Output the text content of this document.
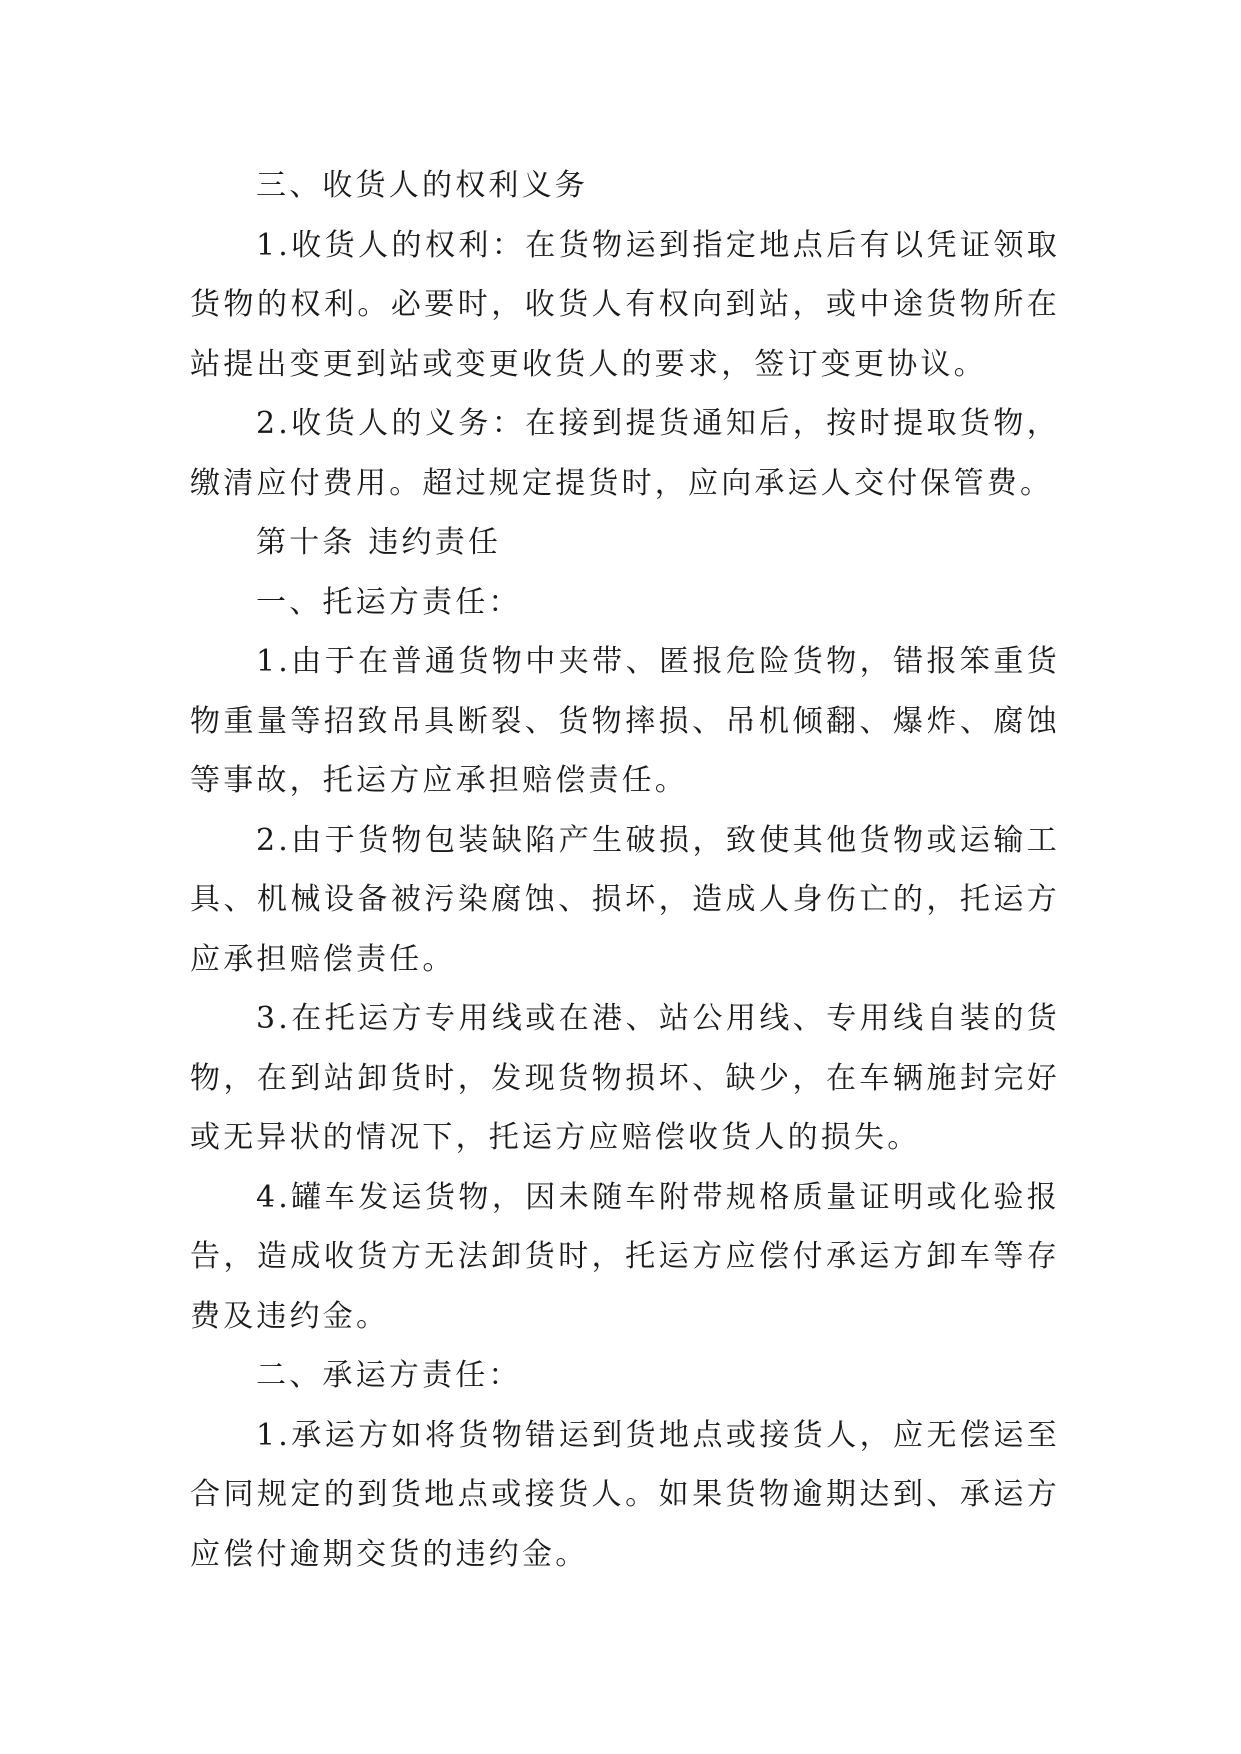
三、收货人的权利义务

1.收货人的权利：在货物运到指定地点后有以凭证领取货物的权利。必要时，收货人有权向到站，或中途货物所在站提出变更到站或变更收货人的要求，签订变更协议。

2.收货人的义务：在接到提货通知后，按时提取货物，缴清应付费用。超过规定提货时，应向承运人交付保管费。

第十条 违约责任

一、托运方责任：

1.由于在普通货物中夹带、匿报危险货物，错报笨重货物重量等招致吊具断裂、货物摔损、吊机倾翻、爆炸、腐蚀等事故，托运方应承担赔偿责任。

2.由于货物包装缺陷产生破损，致使其他货物或运输工具、机械设备被污染腐蚀、损坏，造成人身伤亡的，托运方应承担赔偿责任。

3.在托运方专用线或在港、站公用线、专用线自装的货物，在到站卸货时，发现货物损坏、缺少，在车辆施封完好或无异状的情况下，托运方应赔偿收货人的损失。

4.罐车发运货物，因未随车附带规格质量证明或化验报告，造成收货方无法卸货时，托运方应偿付承运方卸车等存费及违约金。

二、承运方责任：

1.承运方如将货物错运到货地点或接货人，应无偿运至合同规定的到货地点或接货人。如果货物逾期达到、承运方应偿付逾期交货的违约金。
